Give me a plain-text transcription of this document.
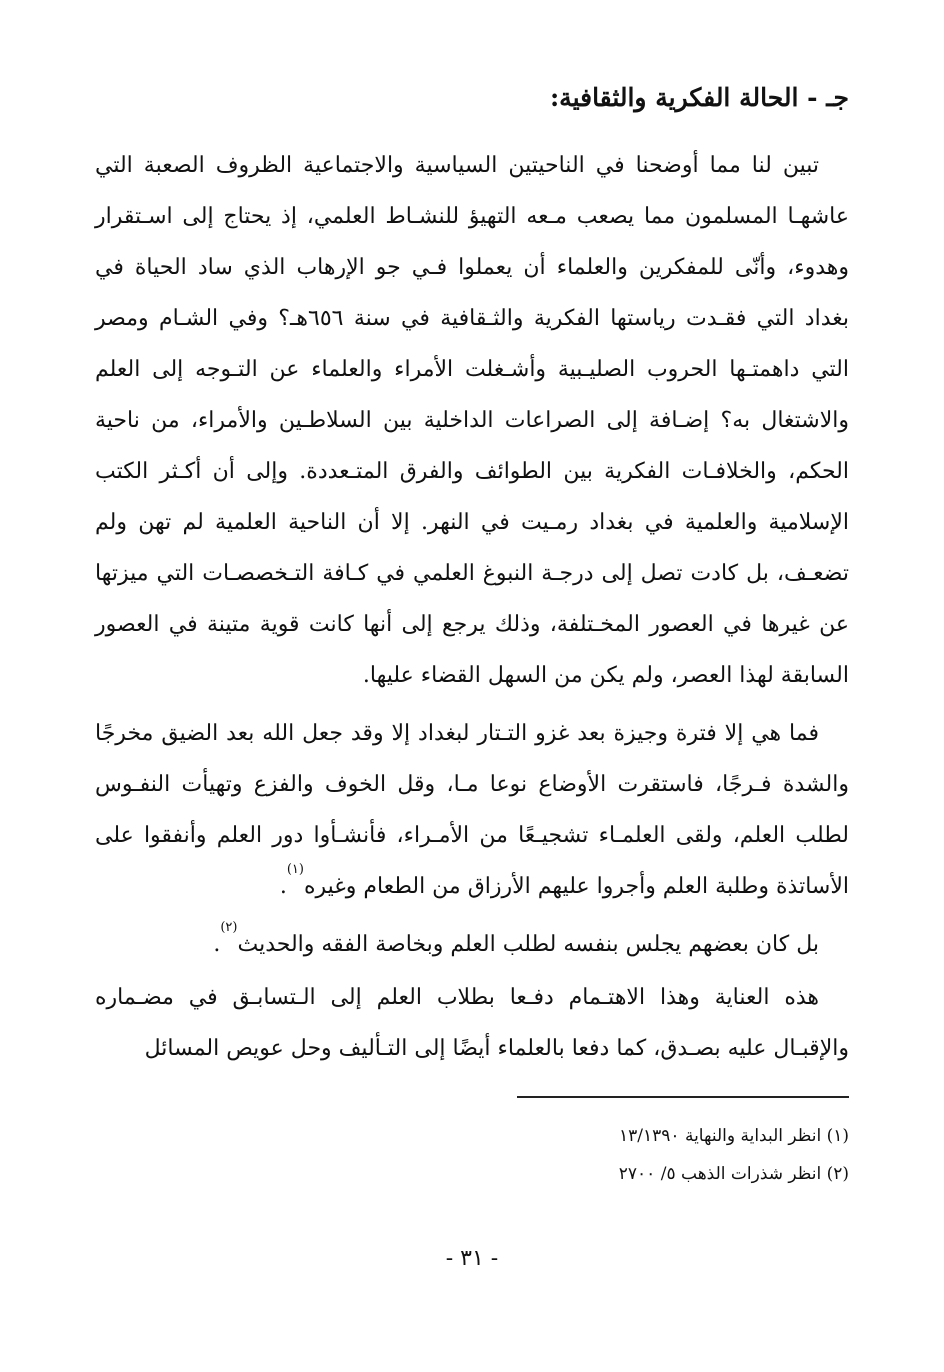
جـ - الحالة الفكرية والثقافية:

تبين لنا مما أوضحنا في الناحيتين السياسية والاجتماعية الظروف الصعبة التي عاشهـا المسلمون مما يصعب مـعه التهيؤ للنشـاط العلمي، إذ يحتاج إلى اسـتقرار وهدوء، وأنّى للمفكرين والعلماء أن يعملوا فـي جو الإرهاب الذي ساد الحياة في بغداد التي فقـدت رياستها الفكرية والثـقافية في سنة ٦٥٦هـ؟ وفي الشـام ومصر التي داهمتـها الحروب الصليـبية وأشـغلت الأمراء والعلماء عن التـوجه إلى العلم والاشتغال به؟ إضـافة إلى الصراعات الداخلية بين السلاطـين والأمراء، من ناحية الحكم، والخلافـات الفكرية بين الطوائف والفرق المتـعددة. وإلى أن أكـثر الكتب الإسلامية والعلمية في بغداد رمـيت في النهر. إلا أن الناحية العلمية لم تهن ولم تضعـف، بل كادت تصل إلى درجـة النبوغ العلمي في كـافة التـخصصـات التي ميزتها عن غيرها في العصور المخـتلفة، وذلك يرجع إلى أنها كانت قوية متينة في العصور السابقة لهذا العصر، ولم يكن من السهل القضاء عليها.

فما هي إلا فترة وجيزة بعد غزو التـتار لبغداد إلا وقد جعل الله بعد الضيق مخرجًا والشدة فـرجًا، فاستقرت الأوضاع نوعا مـا، وقل الخوف والفزع وتهيأت النفـوس لطلب العلم، ولقى العلمـاء تشجيـعًا من الأمـراء، فأنشـأوا دور العلم وأنفقوا على الأساتذة وطلبة العلم وأجروا عليهم الأرزاق من الطعام وغيره$^{(١)}$.

بل كان بعضهم يجلس بنفسه لطلب العلم وبخاصة الفقه والحديث$^{(٢)}$.

هذه العناية وهذا الاهتـمام دفـعا بطلاب العلم إلى الـتسابـق في مضـماره والإقبـال عليه بصـدق، كما دفعا بالعلماء أيضًا إلى التـأليف وحل عويص المسائل

(١) انظر البداية والنهاية ١٣/١٣٩٠
(٢) انظر شذرات الذهب ٥/ ٢٧٠٠
- ٣١ -
